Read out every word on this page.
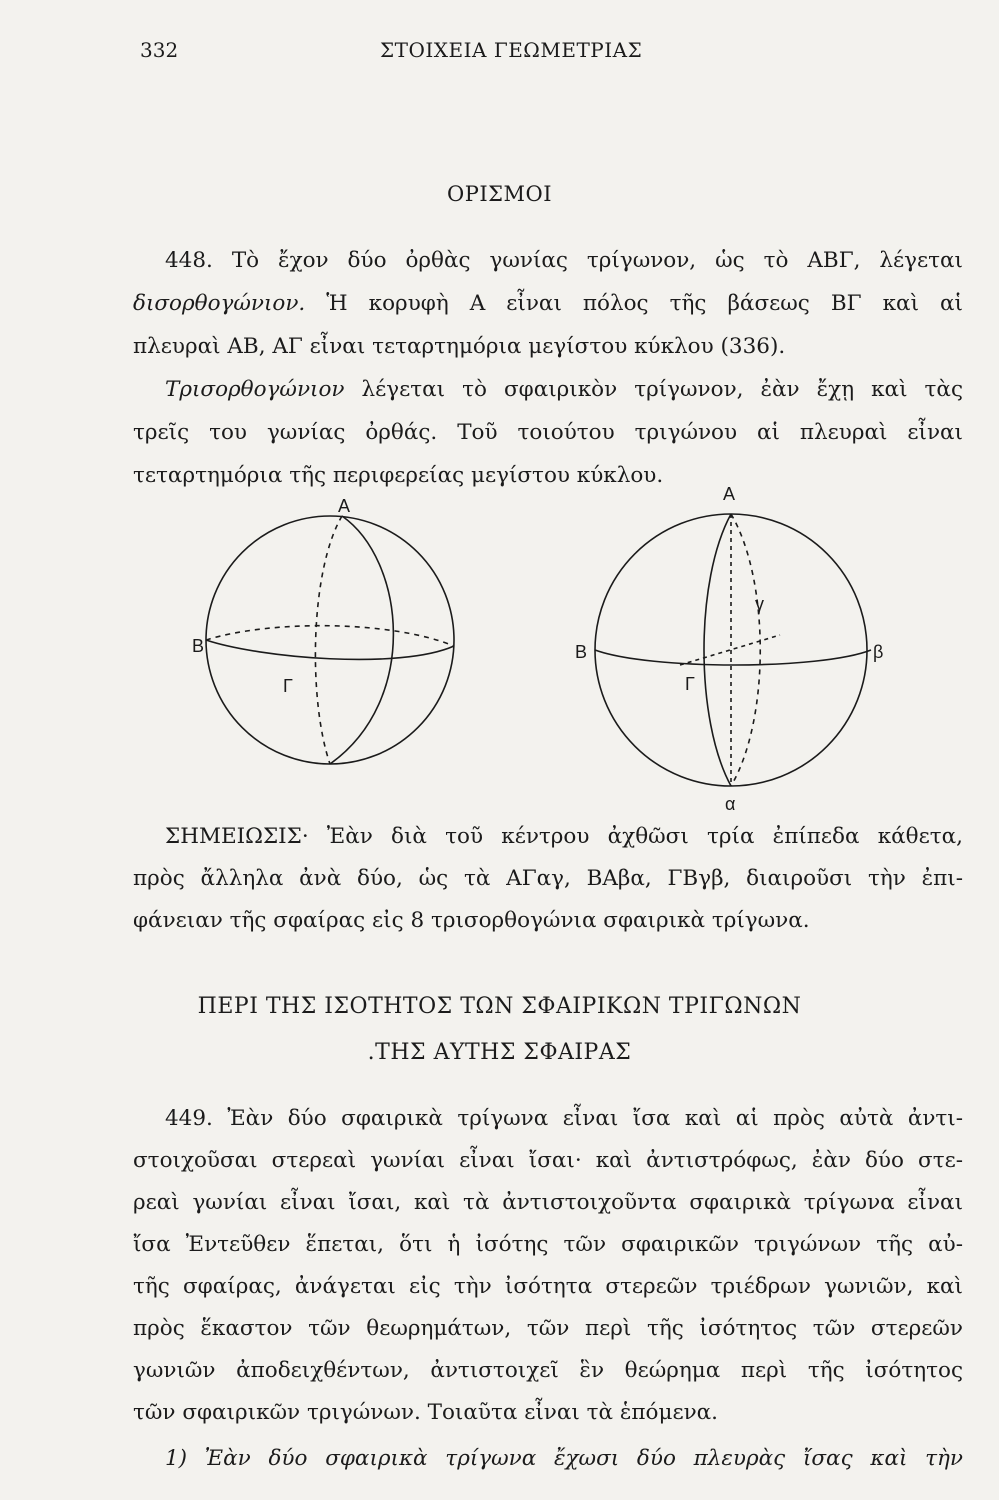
332	ΣΤΟΙΧΕΙΑ ΓΕΩΜΕΤΡΙΑΣ
ΟΡΙΣΜΟΙ
448. Τὸ ἔχον δύο ὀρθὰς γωνίας τρίγωνον, ὡς τὸ ΑΒΓ, λέγεται
δισορθογώνιον. Ἡ κορυφὴ Α εἶναι πόλος τῆς βάσεως ΒΓ καὶ αἱ
πλευραὶ ΑΒ, ΑΓ εἶναι τεταρτημόρια μεγίστου κύκλου (336).
Τρισορθογώνιον λέγεται τὸ σφαιρικὸν τρίγωνον, ἐὰν ἔχῃ καὶ τὰς
τρεῖς του γωνίας ὀρθάς. Τοῦ τοιούτου τριγώνου αἱ πλευραὶ εἶναι
τεταρτημόρια τῆς περιφερείας μεγίστου κύκλου.
Α
Β
Γ
Α
Β	β
γ
Γ
α
ΣΗΜΕΙΩΣΙΣ· Ἐὰν διὰ τοῦ κέντρου ἀχθῶσι τρία ἐπίπεδα κάθετα,
πρὸς ἄλληλα ἀνὰ δύο, ὡς τὰ ΑΓαγ, ΒΑβα, ΓΒγβ, διαιροῦσι τὴν ἐπι-
φάνειαν τῆς σφαίρας εἰς 8 τρισορθογώνια σφαιρικὰ τρίγωνα.
ΠΕΡΙ ΤΗΣ ΙΣΟΤΗΤΟΣ ΤΩΝ ΣΦΑΙΡΙΚΩΝ ΤΡΙΓΩΝΩΝ
.ΤΗΣ ΑΥΤΗΣ ΣΦΑΙΡΑΣ
449. Ἐὰν δύο σφαιρικὰ τρίγωνα εἶναι ἴσα καὶ αἱ πρὸς αὐτὰ ἀντι-
στοιχοῦσαι στερεαὶ γωνίαι εἶναι ἴσαι· καὶ ἀντιστρόφως, ἐὰν δύο στε-
ρεαὶ γωνίαι εἶναι ἴσαι, καὶ τὰ ἀντιστοιχοῦντα σφαιρικὰ τρίγωνα εἶναι
ἴσα Ἐντεῦθεν ἕπεται, ὅτι ἡ ἰσότης τῶν σφαιρικῶν τριγώνων τῆς αὐ-
τῆς σφαίρας, ἀνάγεται εἰς τὴν ἰσότητα στερεῶν τριέδρων γωνιῶν, καὶ
πρὸς ἕκαστον τῶν θεωρημάτων, τῶν περὶ τῆς ἰσότητος τῶν στερεῶν
γωνιῶν ἀποδειχθέντων, ἀντιστοιχεῖ ἓν θεώρημα περὶ τῆς ἰσότητος
τῶν σφαιρικῶν τριγώνων. Τοιαῦτα εἶναι τὰ ἑπόμενα.
1) Ἐὰν δύο σφαιρικὰ τρίγωνα ἔχωσι δύο πλευρὰς ἴσας καὶ τὴν
